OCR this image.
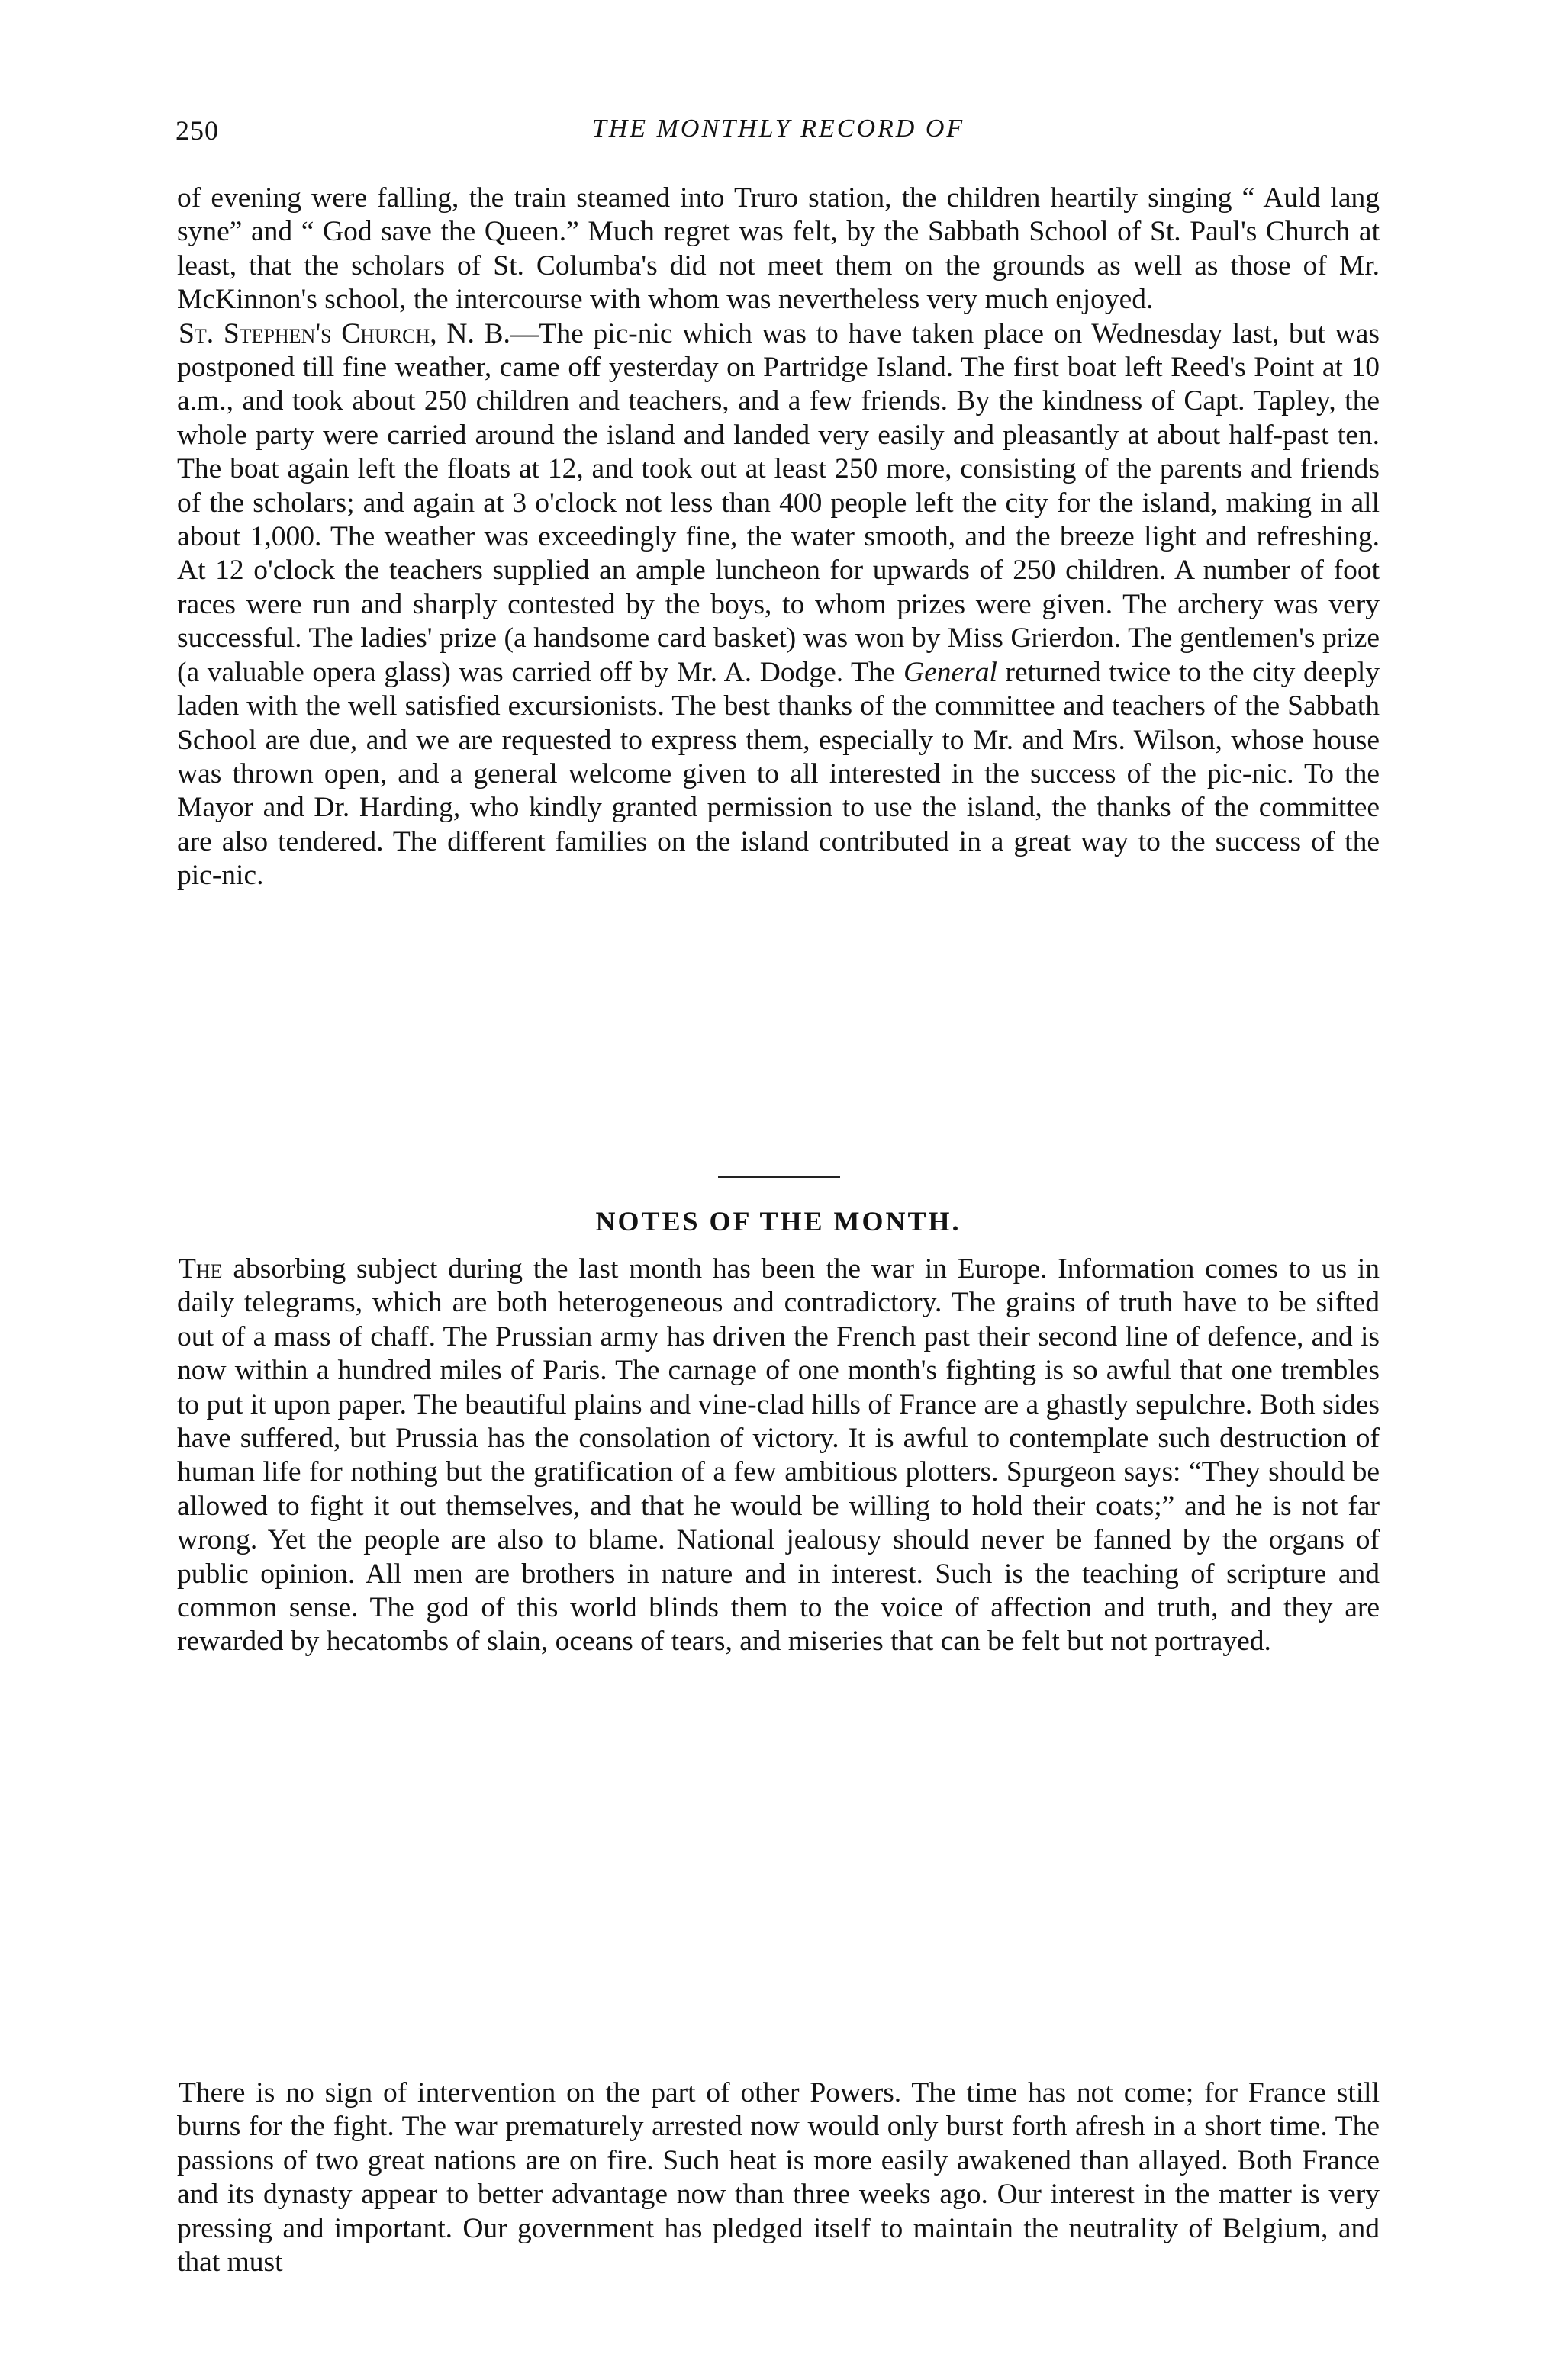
250	THE MONTHLY RECORD OF

of evening were falling, the train steamed into Truro station, the children heartily singing “ Auld lang syne” and “ God save the Queen.” Much regret was felt, by the Sabbath School of St. Paul's Church at least, that the scholars of St. Columba's did not meet them on the grounds as well as those of Mr. McKinnon's school, the intercourse with whom was nevertheless very much enjoyed.

St. Stephen's Church, N. B.—The pic-nic which was to have taken place on Wednesday last, but was postponed till fine weather, came off yesterday on Partridge Island. The first boat left Reed's Point at 10 a.m., and took about 250 children and teachers, and a few friends. By the kindness of Capt. Tapley, the whole party were carried around the island and landed very easily and pleasantly at about half-past ten. The boat again left the floats at 12, and took out at least 250 more, consisting of the parents and friends of the scholars; and again at 3 o'clock not less than 400 people left the city for the island, making in all about 1,000. The weather was exceedingly fine, the water smooth, and the breeze light and refreshing. At 12 o'clock the teachers supplied an ample luncheon for upwards of 250 children. A number of foot races were run and sharply contested by the boys, to whom prizes were given. The archery was very successful. The ladies' prize (a handsome card basket) was won by Miss Grierdon. The gentlemen's prize (a valuable opera glass) was carried off by Mr. A. Dodge. The General returned twice to the city deeply laden with the well satisfied excursionists. The best thanks of the committee and teachers of the Sabbath School are due, and we are requested to express them, especially to Mr. and Mrs. Wilson, whose house was thrown open, and a general welcome given to all interested in the success of the pic-nic. To the Mayor and Dr. Harding, who kindly granted permission to use the island, the thanks of the committee are also tendered. The different families on the island contributed in a great way to the success of the pic-nic.

NOTES OF THE MONTH.

The absorbing subject during the last month has been the war in Europe. Information comes to us in daily telegrams, which are both heterogeneous and contradictory. The grains of truth have to be sifted out of a mass of chaff. The Prussian army has driven the French past their second line of defence, and is now within a hundred miles of Paris. The carnage of one month's fighting is so awful that one trembles to put it upon paper. The beautiful plains and vine-clad hills of France are a ghastly sepulchre. Both sides have suffered, but Prussia has the consolation of victory. It is awful to contemplate such destruction of human life for nothing but the gratification of a few ambitious plotters. Spurgeon says: “They should be allowed to fight it out themselves, and that he would be willing to hold their coats;” and he is not far wrong. Yet the people are also to blame. National jealousy should never be fanned by the organs of public opinion. All men are brothers in nature and in interest. Such is the teaching of scripture and common sense. The god of this world blinds them to the voice of affection and truth, and they are rewarded by hecatombs of slain, oceans of tears, and miseries that can be felt but not portrayed.

There is no sign of intervention on the part of other Powers. The time has not come; for France still burns for the fight. The war prematurely arrested now would only burst forth afresh in a short time. The passions of two great nations are on fire. Such heat is more easily awakened than allayed. Both France and its dynasty appear to better advantage now than three weeks ago. Our interest in the matter is very pressing and important. Our government has pledged itself to maintain the neutrality of Belgium, and that must
